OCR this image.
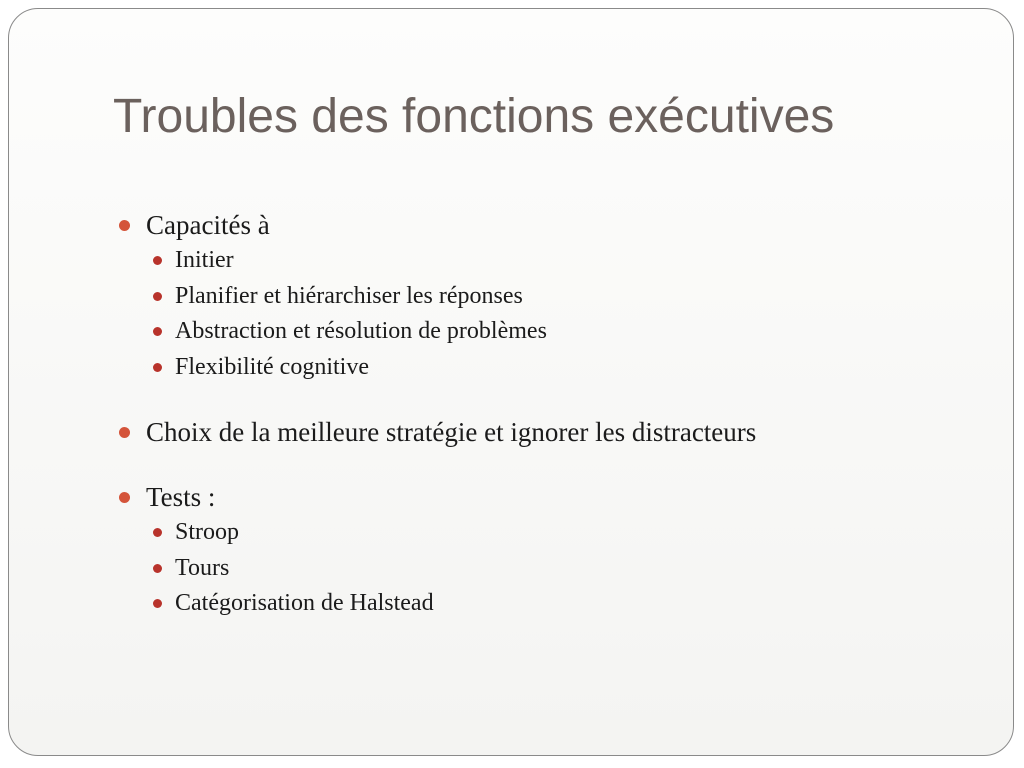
Troubles des fonctions exécutives
Capacités à
Initier
Planifier et hiérarchiser les réponses
Abstraction et résolution de problèmes
Flexibilité cognitive
Choix de la meilleure stratégie et ignorer les distracteurs
Tests :
Stroop
Tours
Catégorisation de Halstead
